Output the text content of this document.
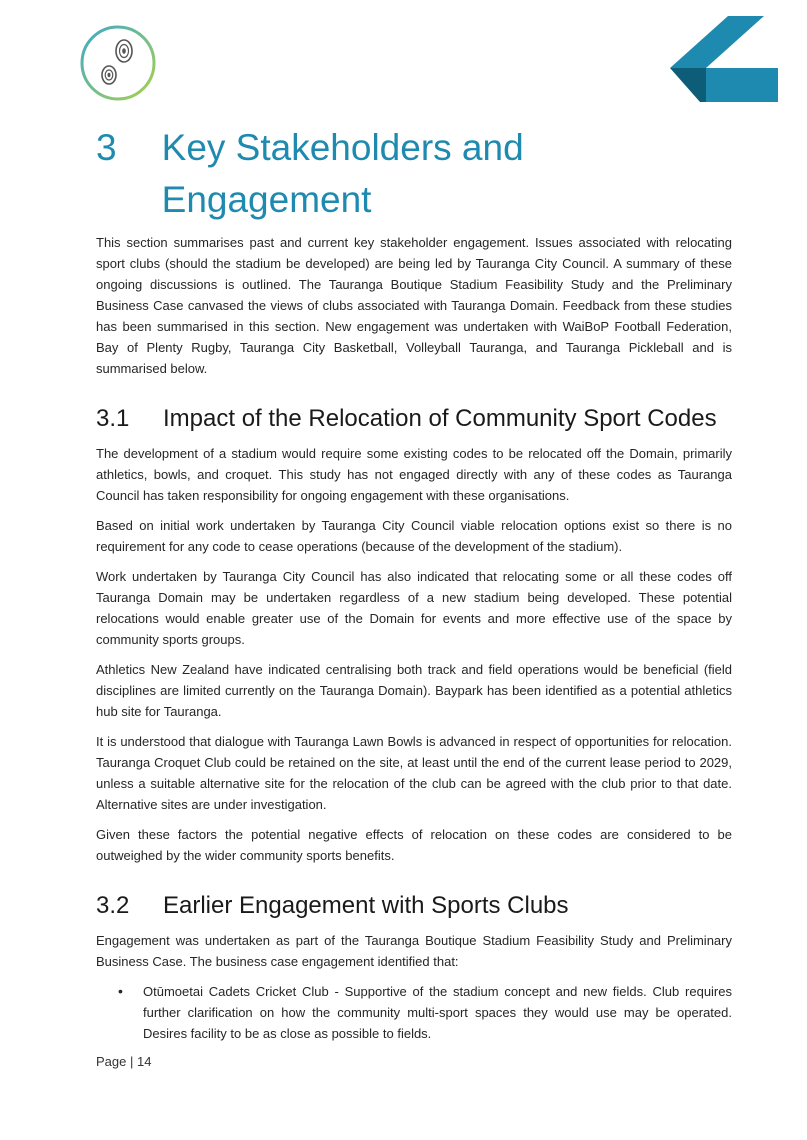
3	Key Stakeholders and Engagement

This section summarises past and current key stakeholder engagement. Issues associated with relocating sport clubs (should the stadium be developed) are being led by Tauranga City Council. A summary of these ongoing discussions is outlined. The Tauranga Boutique Stadium Feasibility Study and the Preliminary Business Case canvased the views of clubs associated with Tauranga Domain. Feedback from these studies has been summarised in this section. New engagement was undertaken with WaiBoP Football Federation, Bay of Plenty Rugby, Tauranga City Basketball, Volleyball Tauranga, and Tauranga Pickleball and is summarised below.

3.1	Impact of the Relocation of Community Sport Codes

The development of a stadium would require some existing codes to be relocated off the Domain, primarily athletics, bowls, and croquet. This study has not engaged directly with any of these codes as Tauranga Council has taken responsibility for ongoing engagement with these organisations.

Based on initial work undertaken by Tauranga City Council viable relocation options exist so there is no requirement for any code to cease operations (because of the development of the stadium).

Work undertaken by Tauranga City Council has also indicated that relocating some or all these codes off Tauranga Domain may be undertaken regardless of a new stadium being developed. These potential relocations would enable greater use of the Domain for events and more effective use of the space by community sports groups.

Athletics New Zealand have indicated centralising both track and field operations would be beneficial (field disciplines are limited currently on the Tauranga Domain). Baypark has been identified as a potential athletics hub site for Tauranga.

It is understood that dialogue with Tauranga Lawn Bowls is advanced in respect of opportunities for relocation. Tauranga Croquet Club could be retained on the site, at least until the end of the current lease period to 2029, unless a suitable alternative site for the relocation of the club can be agreed with the club prior to that date. Alternative sites are under investigation.

Given these factors the potential negative effects of relocation on these codes are considered to be outweighed by the wider community sports benefits.

3.2	Earlier Engagement with Sports Clubs

Engagement was undertaken as part of the Tauranga Boutique Stadium Feasibility Study and Preliminary Business Case. The business case engagement identified that:

• Otūmoetai Cadets Cricket Club - Supportive of the stadium concept and new fields. Club requires further clarification on how the community multi-sport spaces they would use may be operated. Desires facility to be as close as possible to fields.
Page | 14
